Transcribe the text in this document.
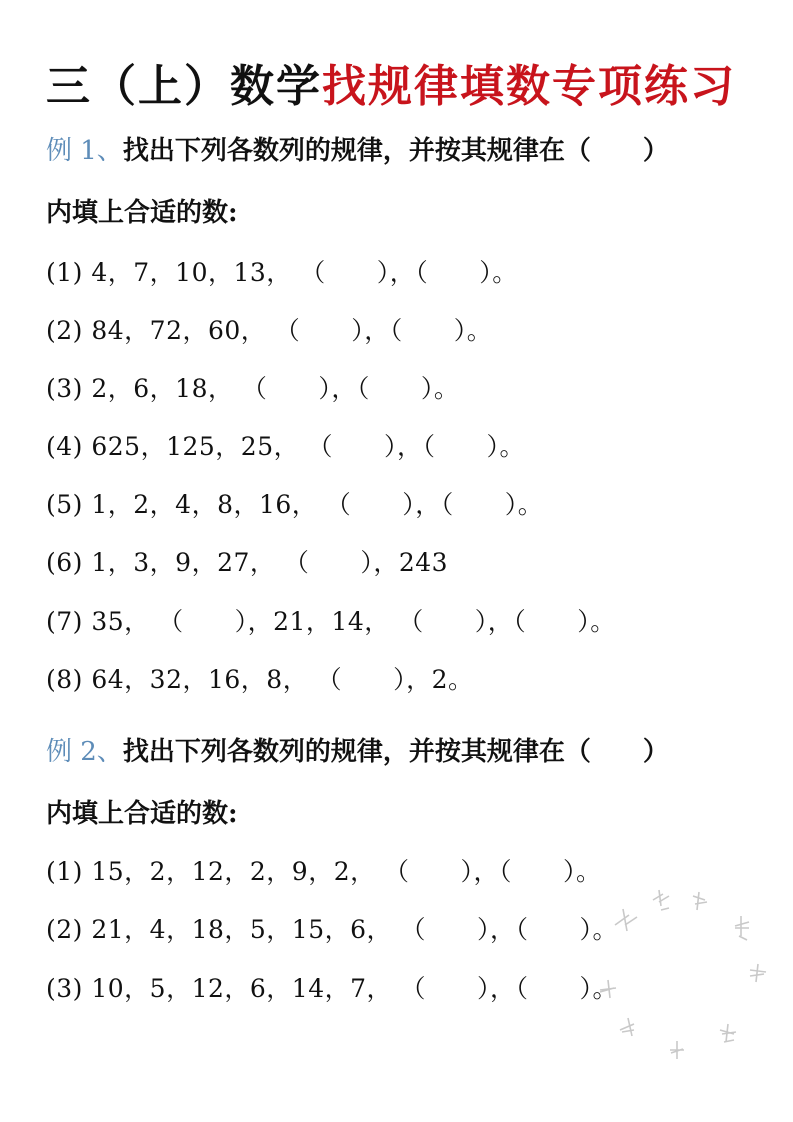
三（上）数学找规律填数专项练习
例 1、找出下列各数列的规律，并按其规律在（　　）
内填上合适的数:
(1) 4，7，10，13， （　　），（　　）。
(2) 84，72，60， （　　），（　　）。
(3) 2，6，18， （　　），（　　）。
(4) 625，125，25， （　　），（　　）。
(5) 1，2，4，8，16， （　　），（　　）。
(6) 1，3，9，27， （　　），243
(7) 35， （　　），21，14， （　　），（　　）。
(8) 64，32，16，8， （　　），2。
例 2、找出下列各数列的规律，并按其规律在（　　）
内填上合适的数:
(1) 15，2，12，2，9，2， （　　），（　　）。
(2) 21，4，18，5，15，6， （　　），（　　）。
(3) 10，5，12，6，14，7， （　　），（　　）。
